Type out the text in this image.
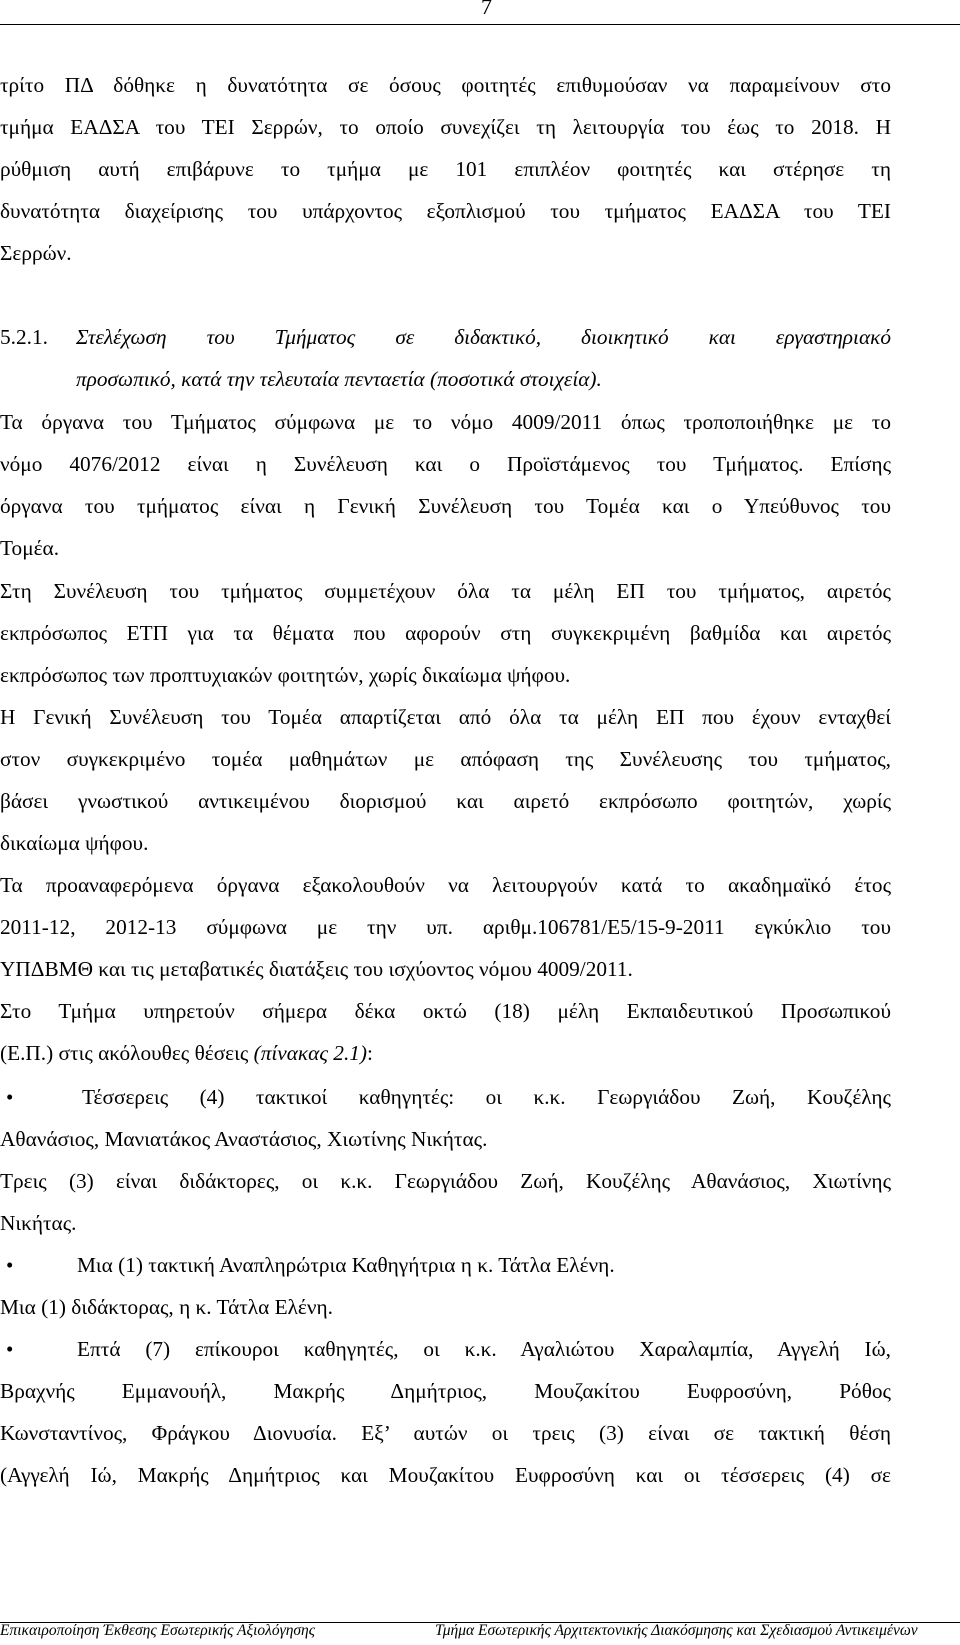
7
τρίτο ΠΔ δόθηκε η δυνατότητα σε όσους φοιτητές επιθυμούσαν να παραμείνουν στο
τμήμα ΕΑΔΣΑ του ΤΕΙ Σερρών, το οποίο συνεχίζει τη λειτουργία του έως το 2018. Η
ρύθμιση αυτή επιβάρυνε το τμήμα με 101 επιπλέον φοιτητές και στέρησε τη
δυνατότητα διαχείρισης του υπάρχοντος εξοπλισμού του τμήματος ΕΑΔΣΑ του ΤΕΙ
Σερρών.
5.2.1. Στελέχωση του Τμήματος σε διδακτικό, διοικητικό και εργαστηριακό
προσωπικό, κατά την τελευταία πενταετία (ποσοτικά στοιχεία).
Τα όργανα του Τμήματος σύμφωνα με το νόμο 4009/2011 όπως τροποποιήθηκε με το
νόμο 4076/2012 είναι η Συνέλευση και ο Προϊστάμενος του Τμήματος. Επίσης
όργανα του τμήματος είναι η Γενική Συνέλευση του Τομέα και ο Υπεύθυνος του
Τομέα.
Στη Συνέλευση του τμήματος συμμετέχουν όλα τα μέλη ΕΠ του τμήματος, αιρετός
εκπρόσωπος ΕΤΠ για τα θέματα που αφορούν στη συγκεκριμένη βαθμίδα και αιρετός
εκπρόσωπος των προπτυχιακών φοιτητών, χωρίς δικαίωμα ψήφου.
Η Γενική Συνέλευση του Τομέα απαρτίζεται από όλα τα μέλη ΕΠ που έχουν ενταχθεί
στον συγκεκριμένο τομέα μαθημάτων με απόφαση της Συνέλευσης του τμήματος,
βάσει γνωστικού αντικειμένου διορισμού και αιρετό εκπρόσωπο φοιτητών, χωρίς
δικαίωμα ψήφου.
Τα προαναφερόμενα όργανα εξακολουθούν να λειτουργούν κατά το ακαδημαϊκό έτος
2011-12, 2012-13 σύμφωνα με την υπ. αριθμ.106781/Ε5/15-9-2011 εγκύκλιο του
ΥΠΔΒΜΘ και τις μεταβατικές διατάξεις του ισχύοντος νόμου 4009/2011.
Στο Τμήμα υπηρετούν σήμερα δέκα οκτώ (18) μέλη Εκπαιδευτικού Προσωπικού
(Ε.Π.) στις ακόλουθες θέσεις (πίνακας 2.1):
•	Τέσσερεις (4) τακτικοί καθηγητές: οι κ.κ. Γεωργιάδου Ζωή, Κουζέλης
Αθανάσιος, Μανιατάκος Αναστάσιος, Χιωτίνης Νικήτας.
Τρεις (3) είναι διδάκτορες, οι κ.κ. Γεωργιάδου Ζωή, Κουζέλης Αθανάσιος, Χιωτίνης
Νικήτας.
•	Μια (1) τακτική Αναπληρώτρια Καθηγήτρια η κ. Τάτλα Ελένη.
Μια (1) διδάκτορας, η κ. Τάτλα Ελένη.
•	Επτά (7) επίκουροι καθηγητές, οι κ.κ. Αγαλιώτου Χαραλαμπία, Αγγελή Ιώ,
Βραχνής Εμμανουήλ, Μακρής Δημήτριος, Μουζακίτου Ευφροσύνη, Ρόθος
Κωνσταντίνος, Φράγκου Διονυσία. Εξ’ αυτών οι τρεις (3) είναι σε τακτική θέση
(Αγγελή Ιώ, Μακρής Δημήτριος και Μουζακίτου Ευφροσύνη και οι τέσσερεις (4) σε
Επικαιροποίηση Έκθεσης Εσωτερικής Αξιολόγησης	Τμήμα Εσωτερικής Αρχιτεκτονικής Διακόσμησης και Σχεδιασμού Αντικειμένων
